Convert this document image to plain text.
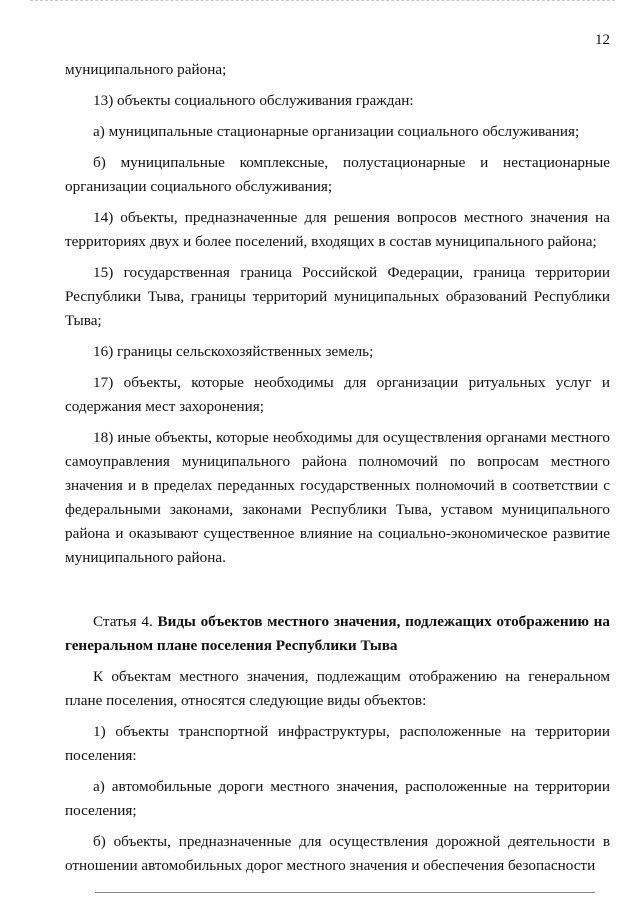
12

муниципального района;

13) объекты социального обслуживания граждан:

а) муниципальные стационарные организации социального обслуживания;

б) муниципальные комплексные, полустационарные и нестационарные организации социального обслуживания;

14) объекты, предназначенные для решения вопросов местного значения на территориях двух и более поселений, входящих в состав муниципального района;

15) государственная граница Российской Федерации, граница территории Республики Тыва, границы территорий муниципальных образований Республики Тыва;

16) границы сельскохозяйственных земель;

17) объекты, которые необходимы для организации ритуальных услуг и содержания мест захоронения;

18) иные объекты, которые необходимы для осуществления органами местного самоуправления муниципального района полномочий по вопросам местного значения и в пределах переданных государственных полномочий в соответствии с федеральными законами, законами Республики Тыва, уставом муниципального района и оказывают существенное влияние на социально-экономическое развитие муниципального района.

Статья 4. Виды объектов местного значения, подлежащих отображению на генеральном плане поселения Республики Тыва

К объектам местного значения, подлежащим отображению на генеральном плане поселения, относятся следующие виды объектов:

1) объекты транспортной инфраструктуры, расположенные на территории поселения:

а) автомобильные дороги местного значения, расположенные на территории поселения;

б) объекты, предназначенные для осуществления дорожной деятельности в отношении автомобильных дорог местного значения и обеспечения безопасности
